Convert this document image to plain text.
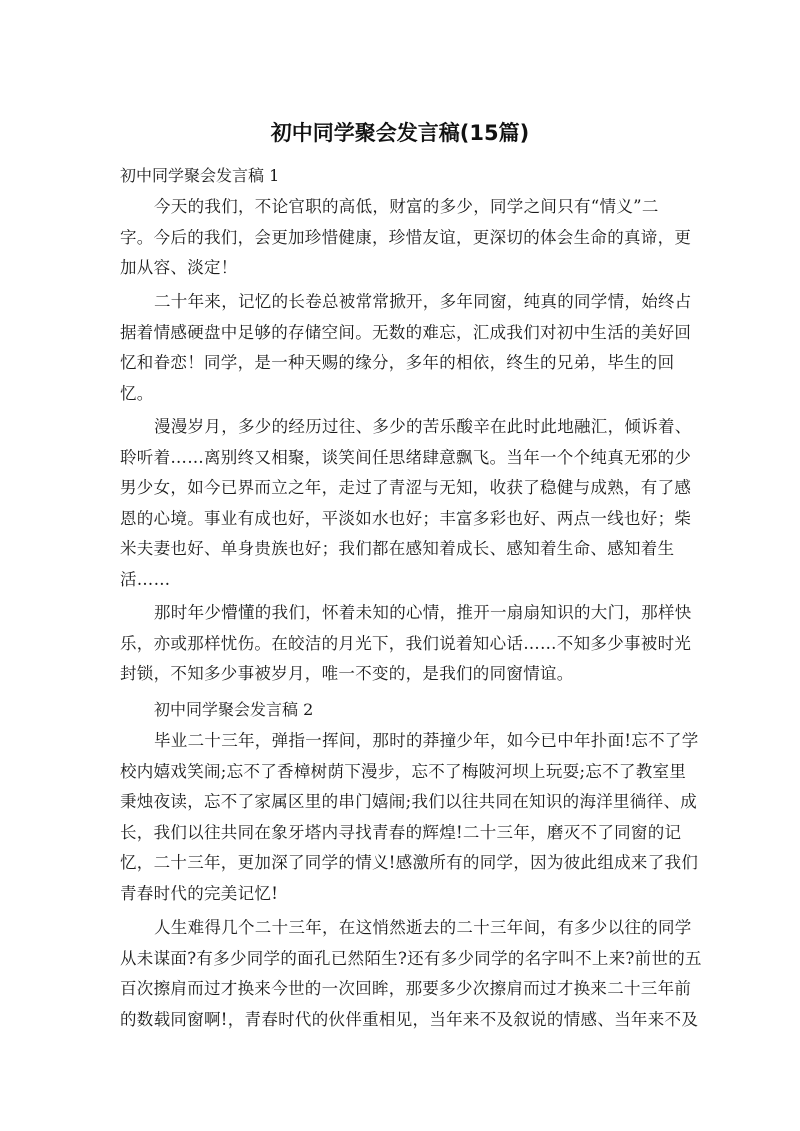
初中同学聚会发言稿(15篇)
初中同学聚会发言稿 1
今天的我们，不论官职的高低，财富的多少，同学之间只有“情义”二
字。今后的我们，会更加珍惜健康，珍惜友谊，更深切的体会生命的真谛，更
加从容、淡定！
二十年来，记忆的长卷总被常常掀开，多年同窗，纯真的同学情，始终占
据着情感硬盘中足够的存储空间。无数的难忘，汇成我们对初中生活的美好回
忆和眷恋！同学，是一种天赐的缘分，多年的相依，终生的兄弟，毕生的回
忆。
漫漫岁月，多少的经历过往、多少的苦乐酸辛在此时此地融汇，倾诉着、
聆听着……离别终又相聚，谈笑间任思绪肆意飘飞。当年一个个纯真无邪的少
男少女，如今已界而立之年，走过了青涩与无知，收获了稳健与成熟，有了感
恩的心境。事业有成也好，平淡如水也好；丰富多彩也好、两点一线也好；柴
米夫妻也好、单身贵族也好；我们都在感知着成长、感知着生命、感知着生
活……
那时年少懵懂的我们，怀着未知的心情，推开一扇扇知识的大门，那样快
乐，亦或那样忧伤。在皎洁的月光下，我们说着知心话……不知多少事被时光
封锁，不知多少事被岁月，唯一不变的，是我们的同窗情谊。
初中同学聚会发言稿 2
毕业二十三年，弹指一挥间，那时的莽撞少年，如今已中年扑面!忘不了学
校内嬉戏笑闹;忘不了香樟树荫下漫步，忘不了梅陂河坝上玩耍;忘不了教室里
秉烛夜读，忘不了家属区里的串门嬉闹;我们以往共同在知识的海洋里徜徉、成
长，我们以往共同在象牙塔内寻找青春的辉煌!二十三年，磨灭不了同窗的记
忆，二十三年，更加深了同学的情义!感激所有的同学，因为彼此组成来了我们
青春时代的完美记忆!
人生难得几个二十三年，在这悄然逝去的二十三年间，有多少以往的同学
从未谋面?有多少同学的面孔已然陌生?还有多少同学的名字叫不上来?前世的五
百次擦肩而过才换来今世的一次回眸，那要多少次擦肩而过才换来二十三年前
的数载同窗啊!，青春时代的伙伴重相见，当年来不及叙说的情感、当年来不及
